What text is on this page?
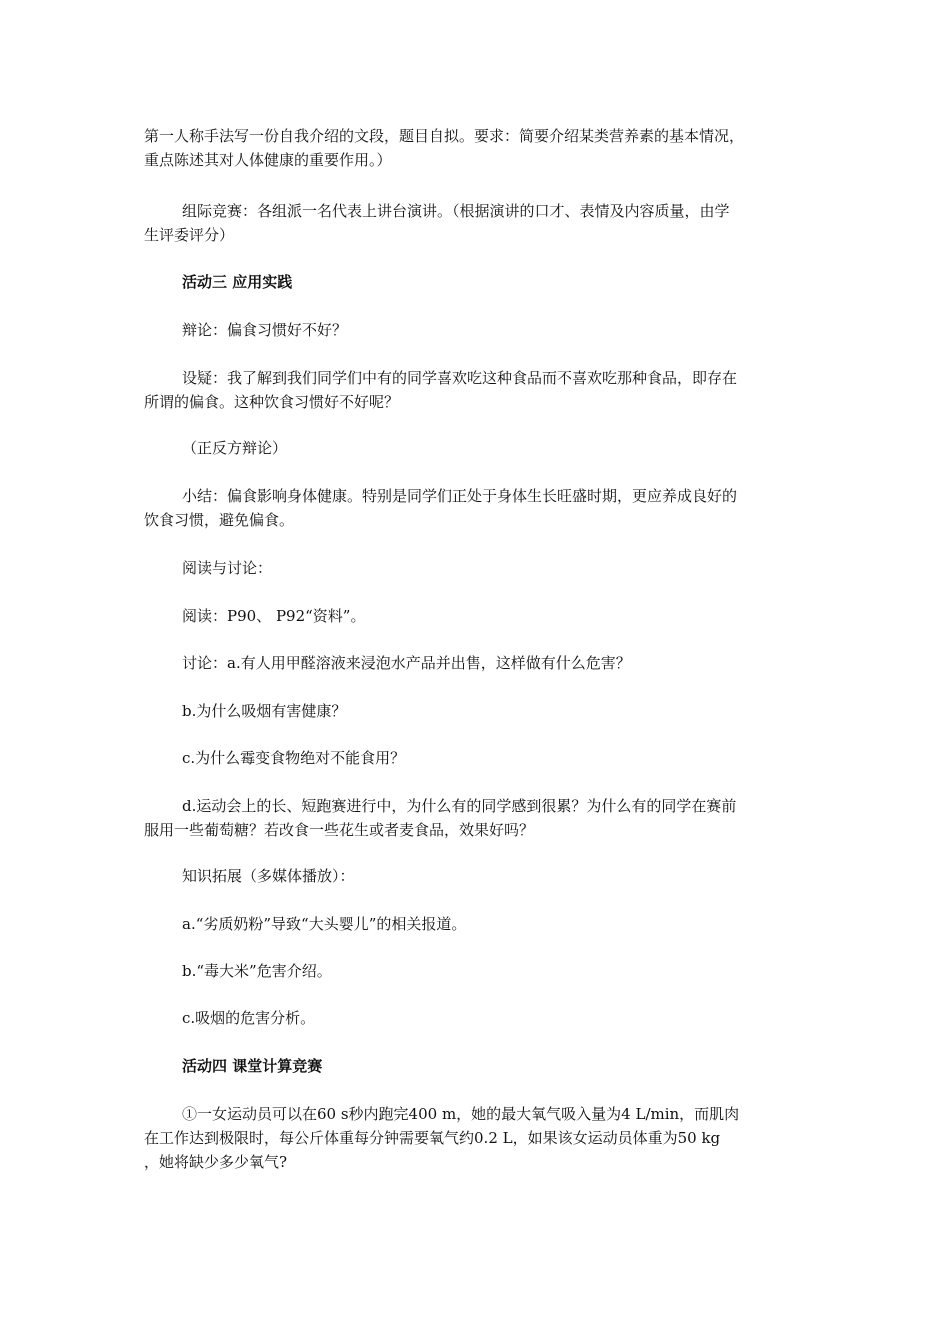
第一人称手法写一份自我介绍的文段，题目自拟。要求：简要介绍某类营养素的基本情况，
重点陈述其对人体健康的重要作用。）

组际竞赛：各组派一名代表上讲台演讲。（根据演讲的口才、表情及内容质量，由学
生评委评分）

活动三 应用实践

辩论：偏食习惯好不好？

设疑：我了解到我们同学们中有的同学喜欢吃这种食品而不喜欢吃那种食品，即存在
所谓的偏食。这种饮食习惯好不好呢？

（正反方辩论）

小结：偏食影响身体健康。特别是同学们正处于身体生长旺盛时期，更应养成良好的
饮食习惯，避免偏食。

阅读与讨论：

阅读：P90、 P92“资料”。

讨论：a.有人用甲醛溶液来浸泡水产品并出售，这样做有什么危害？

b.为什么吸烟有害健康？

c.为什么霉变食物绝对不能食用？

d.运动会上的长、短跑赛进行中，为什么有的同学感到很累？为什么有的同学在赛前
服用一些葡萄糖？若改食一些花生或者麦食品，效果好吗？

知识拓展（多媒体播放）：

a.“劣质奶粉”导致“大头婴儿”的相关报道。

b.“毒大米”危害介绍。

c.吸烟的危害分析。

活动四 课堂计算竞赛

①一女运动员可以在60 s秒内跑完400 m，她的最大氧气吸入量为4 L/min，而肌肉
在工作达到极限时，每公斤体重每分钟需要氧气约0.2 L，如果该女运动员体重为50 kg
，她将缺少多少氧气?
